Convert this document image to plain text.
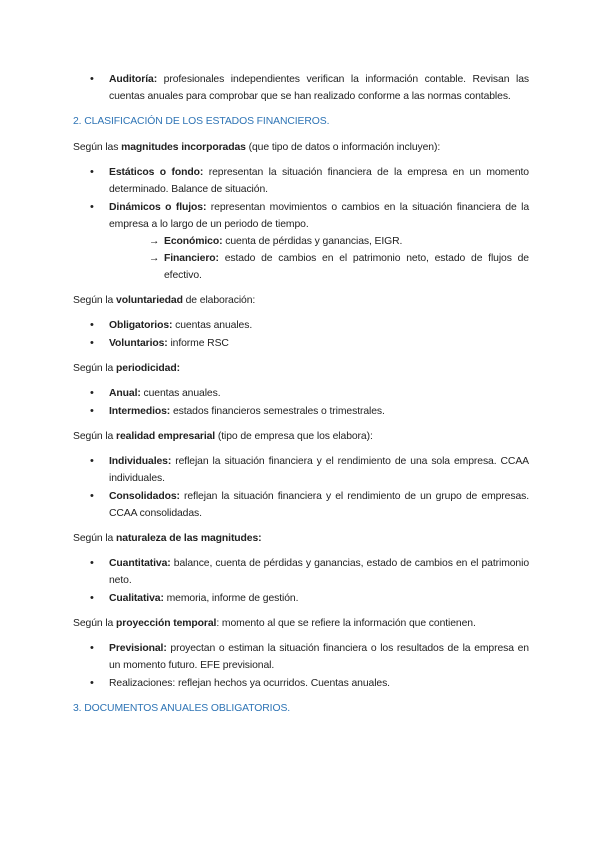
• Auditoría: profesionales independientes verifican la información contable. Revisan las cuentas anuales para comprobar que se han realizado conforme a las normas contables.

2. CLASIFICACIÓN DE LOS ESTADOS FINANCIEROS.

Según las magnitudes incorporadas (que tipo de datos o información incluyen):

• Estáticos o fondo: representan la situación financiera de la empresa en un momento determinado. Balance de situación.
• Dinámicos o flujos: representan movimientos o cambios en la situación financiera de la empresa a lo largo de un periodo de tiempo.
→ Económico: cuenta de pérdidas y ganancias, EIGR.
→ Financiero: estado de cambios en el patrimonio neto, estado de flujos de efectivo.

Según la voluntariedad de elaboración:

• Obligatorios: cuentas anuales.
• Voluntarios: informe RSC

Según la periodicidad:

• Anual: cuentas anuales.
• Intermedios: estados financieros semestrales o trimestrales.

Según la realidad empresarial (tipo de empresa que los elabora):

• Individuales: reflejan la situación financiera y el rendimiento de una sola empresa. CCAA individuales.
• Consolidados: reflejan la situación financiera y el rendimiento de un grupo de empresas. CCAA consolidadas.

Según la naturaleza de las magnitudes:

• Cuantitativa: balance, cuenta de pérdidas y ganancias, estado de cambios en el patrimonio neto.
• Cualitativa: memoria, informe de gestión.

Según la proyección temporal: momento al que se refiere la información que contienen.

• Previsional: proyectan o estiman la situación financiera o los resultados de la empresa en un momento futuro. EFE previsional.
• Realizaciones: reflejan hechos ya ocurridos. Cuentas anuales.

3. DOCUMENTOS ANUALES OBLIGATORIOS.
